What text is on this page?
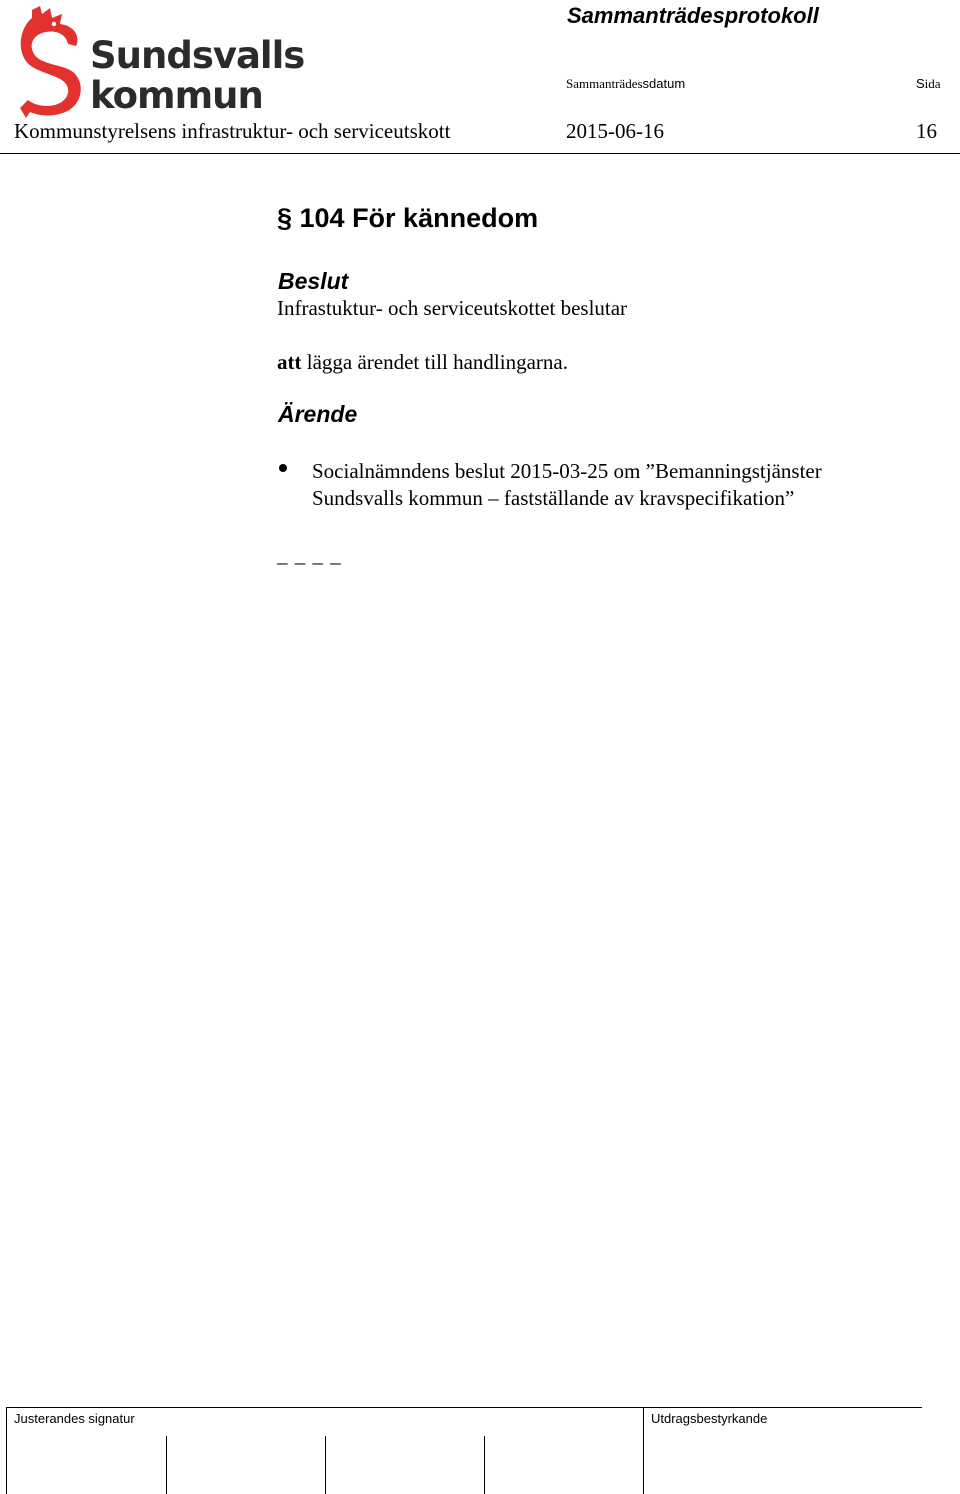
Sundsvalls
kommun
Sammanträdesprotokoll
Sammanträdessdatum	Sida
Kommunstyrelsens infrastruktur- och serviceutskott	2015-06-16	16
§ 104 För kännedom
Beslut
Infrastuktur- och serviceutskottet beslutar
att lägga ärendet till handlingarna.
Ärende
Socialnämndens beslut 2015-03-25 om ”Bemanningstjänster
Sundsvalls kommun – fastställande av kravspecifikation”
_ _ _ _
Justerandes signatur	Utdragsbestyrkande
